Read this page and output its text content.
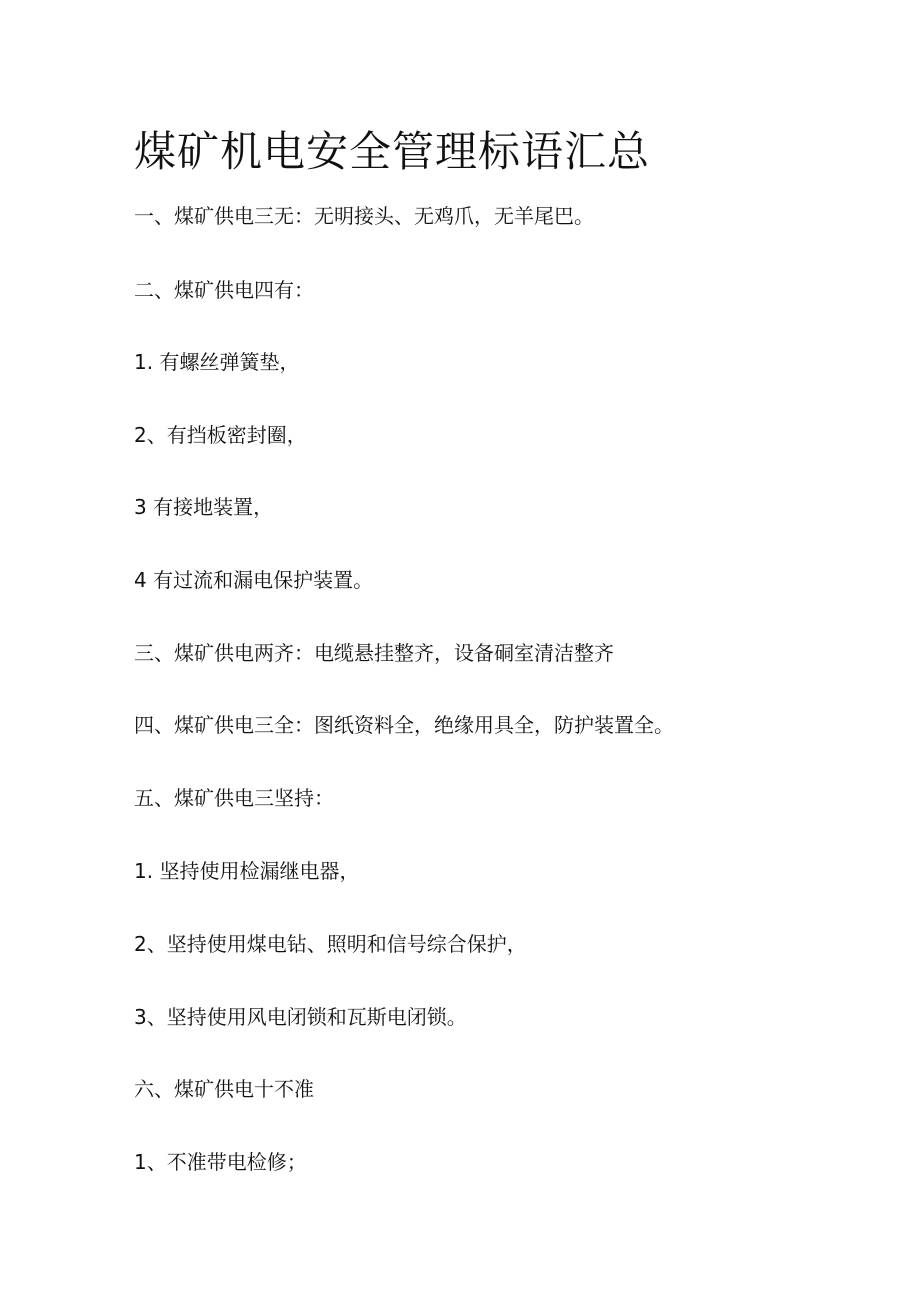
煤矿机电安全管理标语汇总

一、煤矿供电三无：无明接头、无鸡爪，无羊尾巴。

二、煤矿供电四有：

1. 有螺丝弹簧垫，

2、有挡板密封圈，

3 有接地装置，

4 有过流和漏电保护装置。

三、煤矿供电两齐：电缆悬挂整齐，设备硐室清洁整齐

四、煤矿供电三全：图纸资料全，绝缘用具全，防护装置全。

五、煤矿供电三坚持：

1. 坚持使用检漏继电器，

2、坚持使用煤电钻、照明和信号综合保护，

3、坚持使用风电闭锁和瓦斯电闭锁。

六、煤矿供电十不准

1、不准带电检修；
